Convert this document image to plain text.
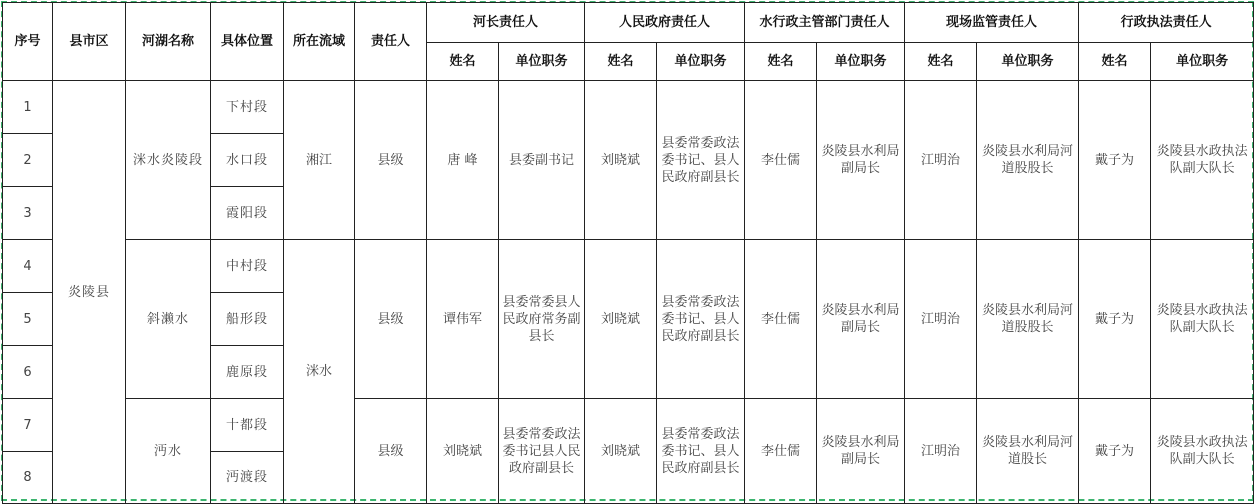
序号	县市区	河湖名称	具体位置	所在流域	责任人	河长责任人		人民政府责任人		水行政主管部门责任人		现场监管责任人		行政执法责任人	
						姓名	单位职务	姓名	单位职务	姓名	单位职务	姓名	单位职务	姓名	单位职务
1	炎陵县	洣水炎陵段	下村段	湘江	县级	唐 峰	县委副书记	刘晓斌	县委常委政法委书记、县人民政府副县长	李仕儒	炎陵县水利局副局长	江明治	炎陵县水利局河道股股长	戴子为	炎陵县水政执法队副大队长
2			水口段												
3			霞阳段												
4		斜濑水	中村段	洣水	县级	谭伟军	县委常委县人民政府常务副县长	刘晓斌	县委常委政法委书记、县人民政府副县长	李仕儒	炎陵县水利局副局长	江明治	炎陵县水利局河道股股长	戴子为	炎陵县水政执法队副大队长
5			船形段												
6			鹿原段												
7		沔水	十都段		县级	刘晓斌	县委常委政法委书记县人民政府副县长	刘晓斌	县委常委政法委书记、县人民政府副县长	李仕儒	炎陵县水利局副局长	江明治	炎陵县水利局河道股长	戴子为	炎陵县水政执法队副大队长
8			沔渡段												
